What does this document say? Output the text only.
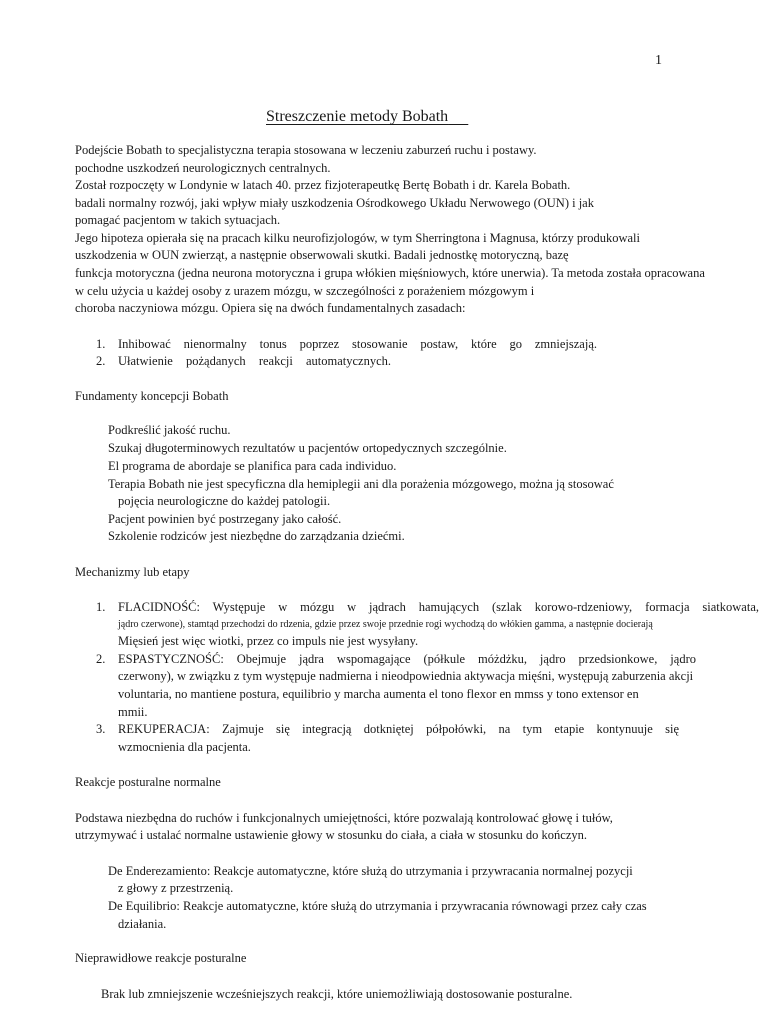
1
Streszczenie metody Bobath
Podejście Bobath to specjalistyczna terapia stosowana w leczeniu zaburzeń ruchu i postawy.
pochodne uszkodzeń neurologicznych centralnych.
Został rozpoczęty w Londynie w latach 40. przez fizjoterapeutkę Bertę Bobath i dr. Karela Bobath.
badali normalny rozwój, jaki wpływ miały uszkodzenia Ośrodkowego Układu Nerwowego (OUN) i jak
pomagać pacjentom w takich sytuacjach.
Jego hipoteza opierała się na pracach kilku neurofizjologów, w tym Sherringtona i Magnusa, którzy produkowali
uszkodzenia w OUN zwierząt, a następnie obserwowali skutki. Badali jednostkę motoryczną, bazę
funkcja motoryczna (jedna neurona motoryczna i grupa włókien mięśniowych, które unerwia). Ta metoda została opracowana
w celu użycia u każdej osoby z urazem mózgu, w szczególności z porażeniem mózgowym i
choroba naczyniowa mózgu. Opiera się na dwóch fundamentalnych zasadach:
1. Inhibować nienormalny tonus poprzez stosowanie postaw, które go zmniejszają.
2. Ułatwienie pożądanych reakcji automatycznych.
Fundamenty koncepcji Bobath
Podkreślić jakość ruchu.
Szukaj długoterminowych rezultatów u pacjentów ortopedycznych szczególnie.
El programa de abordaje se planifica para cada individuo.
Terapia Bobath nie jest specyficzna dla hemiplegii ani dla porażenia mózgowego, można ją stosować
pojęcia neurologiczne do każdej patologii.
Pacjent powinien być postrzegany jako całość.
Szkolenie rodziców jest niezbędne do zarządzania dziećmi.
Mechanizmy lub etapy
1. FLACIDNOŚĆ: Występuje w mózgu w jądrach hamujących (szlak korowo-rdzeniowy, formacja siatkowata,
jądro czerwone), stamtąd przechodzi do rdzenia, gdzie przez swoje przednie rogi wychodzą do włókien gamma, a następnie docierają
Mięsień jest więc wiotki, przez co impuls nie jest wysyłany.
2. ESPASTYCZNOŚĆ: Obejmuje jądra wspomagające (półkule móżdżku, jądro przedsionkowe, jądro
czerwony), w związku z tym występuje nadmierna i nieodpowiednia aktywacja mięśni, występują zaburzenia akcji
voluntaria, no mantiene postura, equilibrio y marcha aumenta el tono flexor en mmss y tono extensor en
mmii.
3. REKUPERACJA: Zajmuje się integracją dotkniętej półpołówki, na tym etapie kontynuuje się
wzmocnienia dla pacjenta.
Reakcje posturalne normalne
Podstawa niezbędna do ruchów i funkcjonalnych umiejętności, które pozwalają kontrolować głowę i tułów,
utrzymywać i ustalać normalne ustawienie głowy w stosunku do ciała, a ciała w stosunku do kończyn.
De Enderezamiento: Reakcje automatyczne, które służą do utrzymania i przywracania normalnej pozycji
z głowy z przestrzenią.
De Equilibrio: Reakcje automatyczne, które służą do utrzymania i przywracania równowagi przez cały czas
działania.
Nieprawidłowe reakcje posturalne
Brak lub zmniejszenie wcześniejszych reakcji, które uniemożliwiają dostosowanie posturalne.
